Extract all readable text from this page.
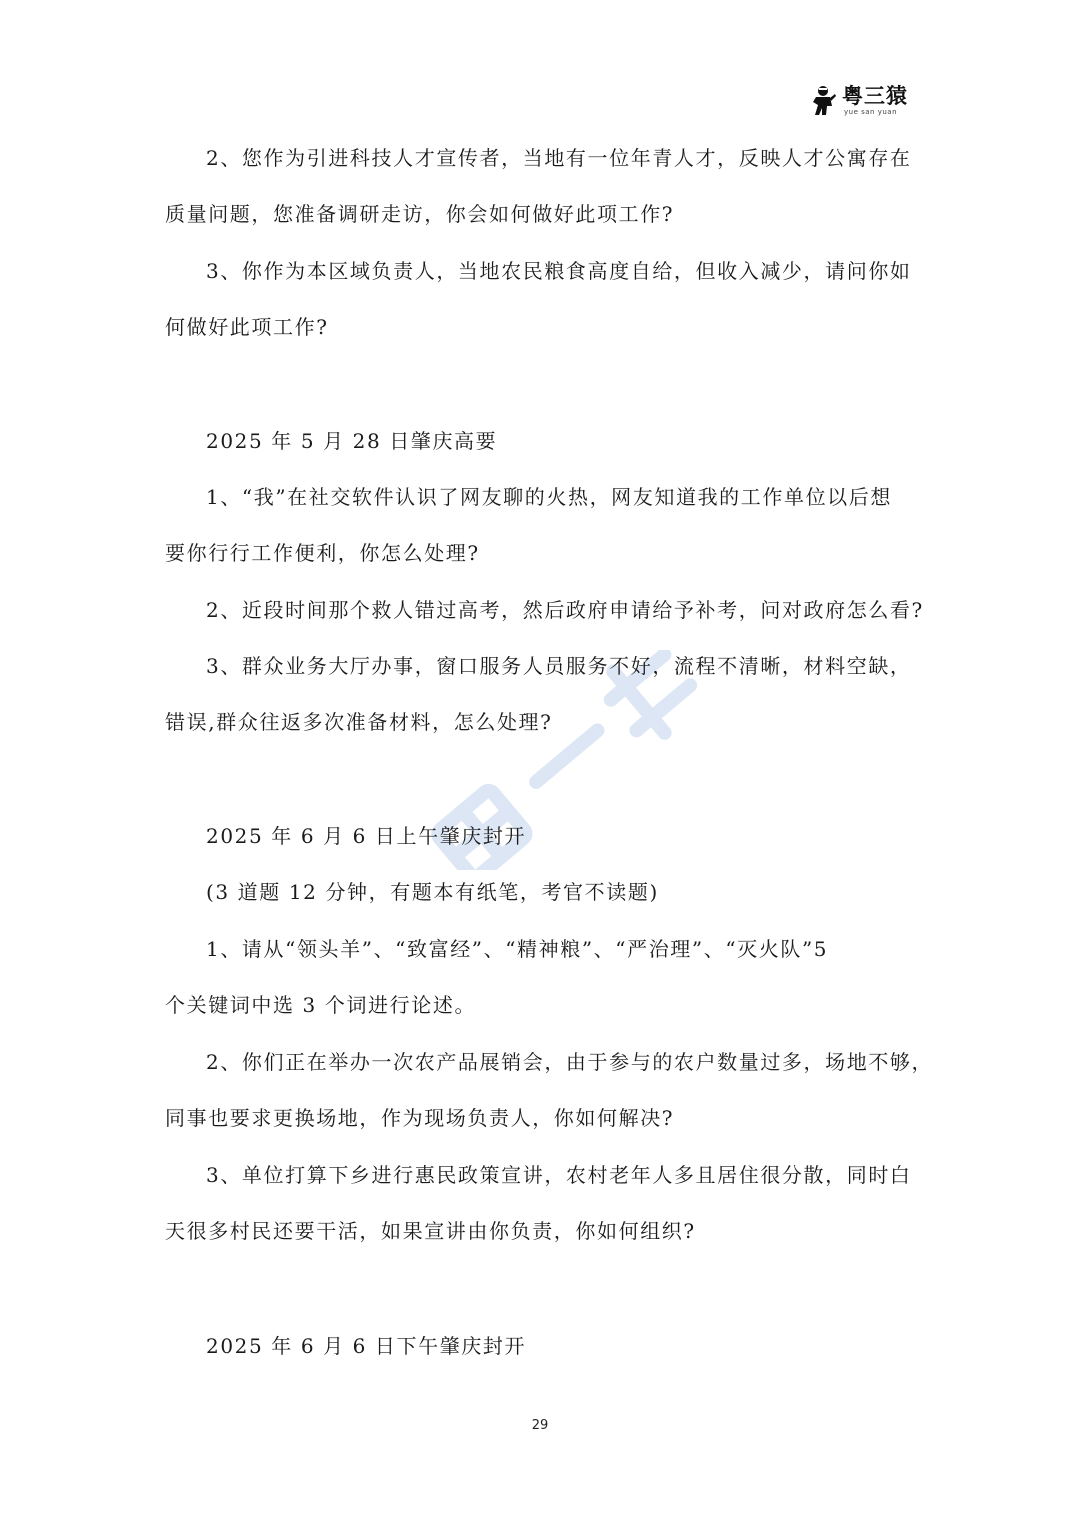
粤三猿
yue san yuan
2、您作为引进科技人才宣传者，当地有一位年青人才，反映人才公寓存在
质量问题，您准备调研走访，你会如何做好此项工作?
3、你作为本区域负责人，当地农民粮食高度自给，但收入减少，请问你如
何做好此项工作?
2025 年 5 月 28 日肇庆高要
1、“我”在社交软件认识了网友聊的火热，网友知道我的工作单位以后想
要你行行工作便利，你怎么处理?
2、近段时间那个救人错过高考，然后政府申请给予补考，问对政府怎么看?
3、群众业务大厅办事，窗口服务人员服务不好，流程不清晰，材料空缺，
错误,群众往返多次准备材料，怎么处理?
2025 年 6 月 6 日上午肇庆封开
(3 道题 12 分钟，有题本有纸笔，考官不读题)
1、请从“领头羊”、“致富经”、“精神粮”、“严治理”、“灭火队”5
个关键词中选 3 个词进行论述。
2、你们正在举办一次农产品展销会，由于参与的农户数量过多，场地不够，
同事也要求更换场地，作为现场负责人，你如何解决?
3、单位打算下乡进行惠民政策宣讲，农村老年人多且居住很分散，同时白
天很多村民还要干活，如果宣讲由你负责，你如何组织?
2025 年 6 月 6 日下午肇庆封开
29
